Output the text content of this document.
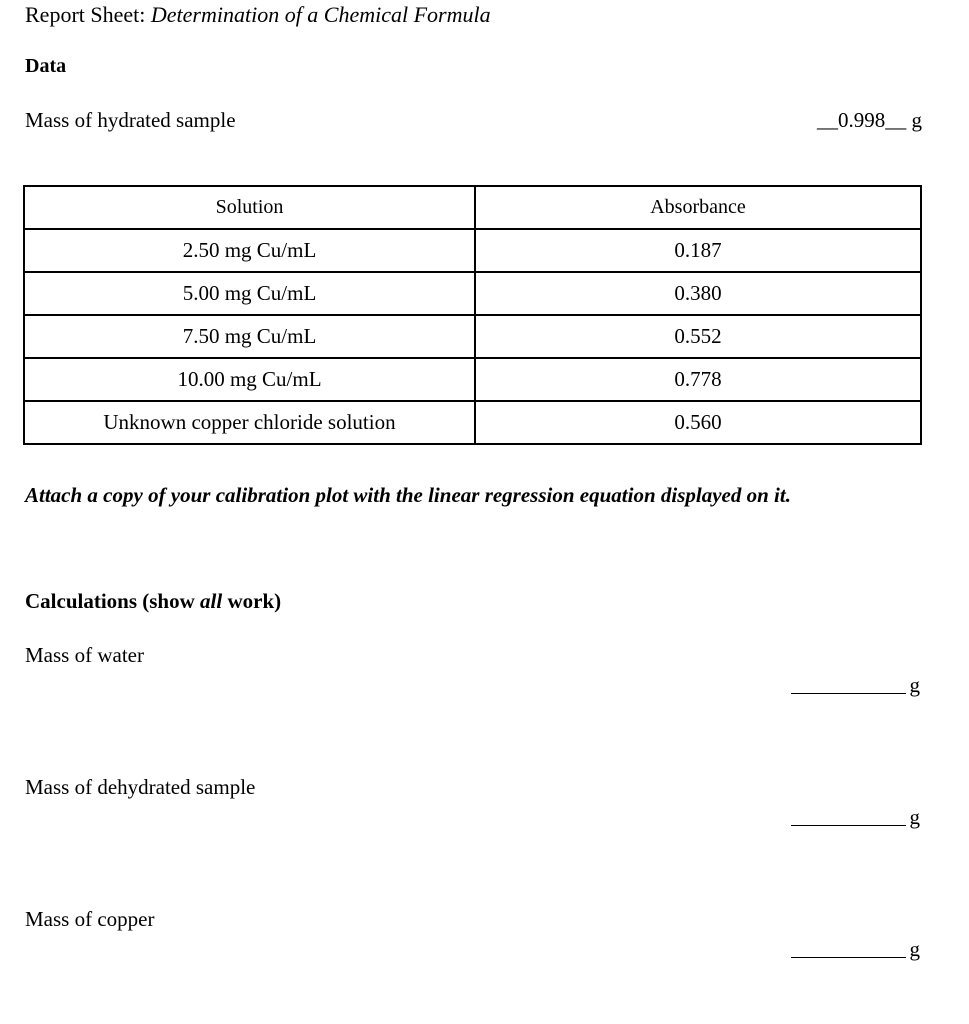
Report Sheet: Determination of a Chemical Formula
Data
Mass of hydrated sample	__0.998__ g
Solution	Absorbance
2.50 mg Cu/mL	0.187
5.00 mg Cu/mL	0.380
7.50 mg Cu/mL	0.552
10.00 mg Cu/mL	0.778
Unknown copper chloride solution	0.560
Attach a copy of your calibration plot with the linear regression equation displayed on it.
Calculations (show all work)
Mass of water
g
Mass of dehydrated sample
g
Mass of copper
g
